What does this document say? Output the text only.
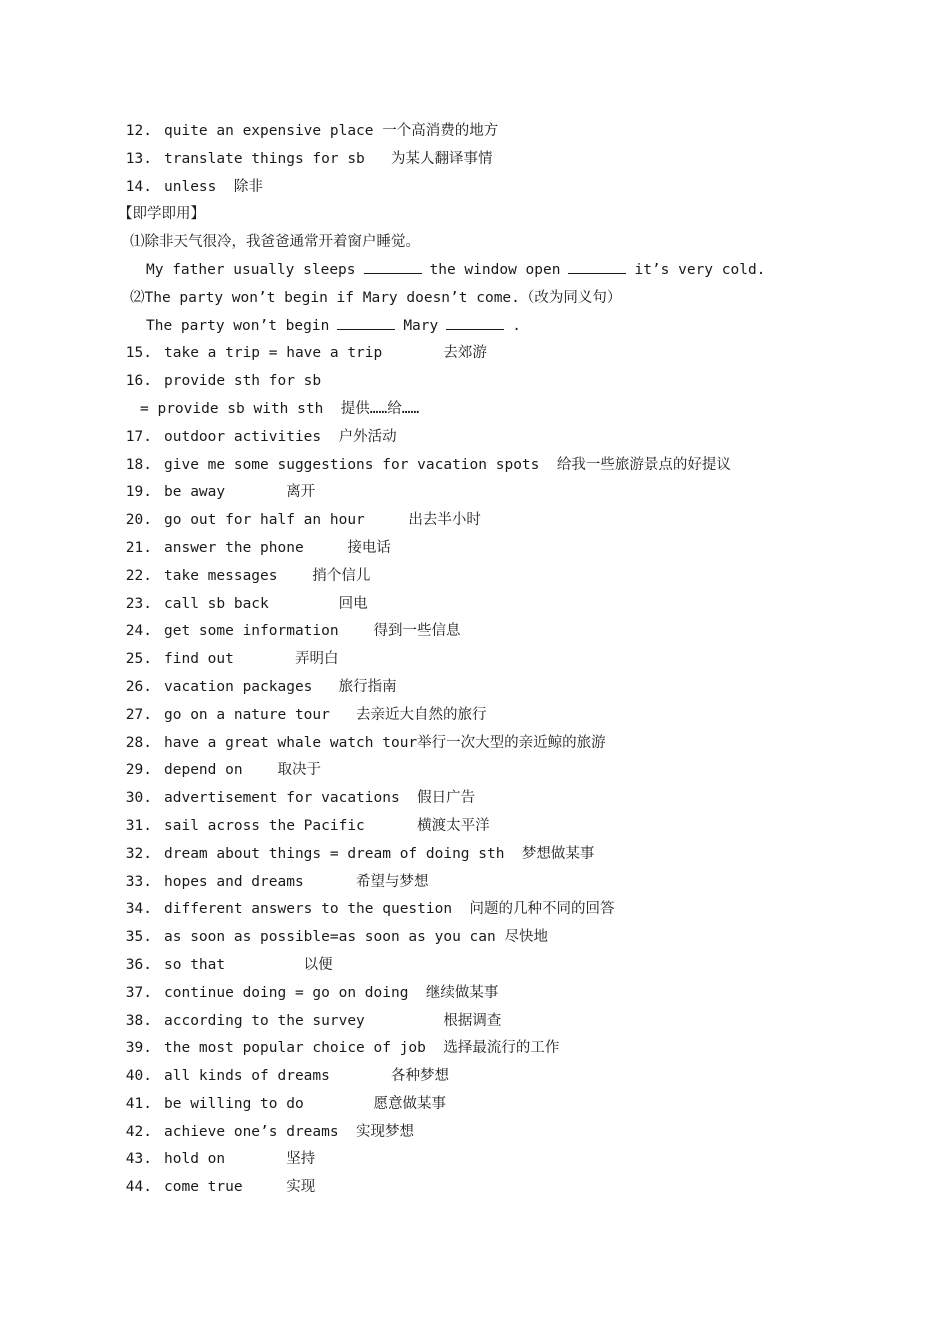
12. quite an expensive place 一个高消费的地方
13. translate things for sb   为某人翻译事情
14. unless  除非
【即学即用】
⑴除非天气很冷，我爸爸通常开着窗户睡觉。
My father usually sleeps	the window open	it’s very cold.
⑵The party won’t begin if Mary doesn’t come.（改为同义句）
The party won’t begin	Mary	.
15. take a trip = have a trip       去郊游
16. provide sth for sb
= provide sb with sth  提供……给……
17. outdoor activities  户外活动
18. give me some suggestions for vacation spots  给我一些旅游景点的好提议
19. be away       离开
20. go out for half an hour     出去半小时
21. answer the phone     接电话
22. take messages    捎个信儿
23. call sb back        回电
24. get some information    得到一些信息
25. find out       弄明白
26. vacation packages   旅行指南
27. go on a nature tour   去亲近大自然的旅行
28. have a great whale watch tour举行一次大型的亲近鲸的旅游
29. depend on    取决于
30. advertisement for vacations  假日广告
31. sail across the Pacific      横渡太平洋
32. dream about things = dream of doing sth  梦想做某事
33. hopes and dreams      希望与梦想
34. different answers to the question  问题的几种不同的回答
35. as soon as possible=as soon as you can 尽快地
36. so that         以便
37. continue doing = go on doing  继续做某事
38. according to the survey         根据调查
39. the most popular choice of job  选择最流行的工作
40. all kinds of dreams       各种梦想
41. be willing to do        愿意做某事
42. achieve one’s dreams  实现梦想
43. hold on       坚持
44. come true     实现
